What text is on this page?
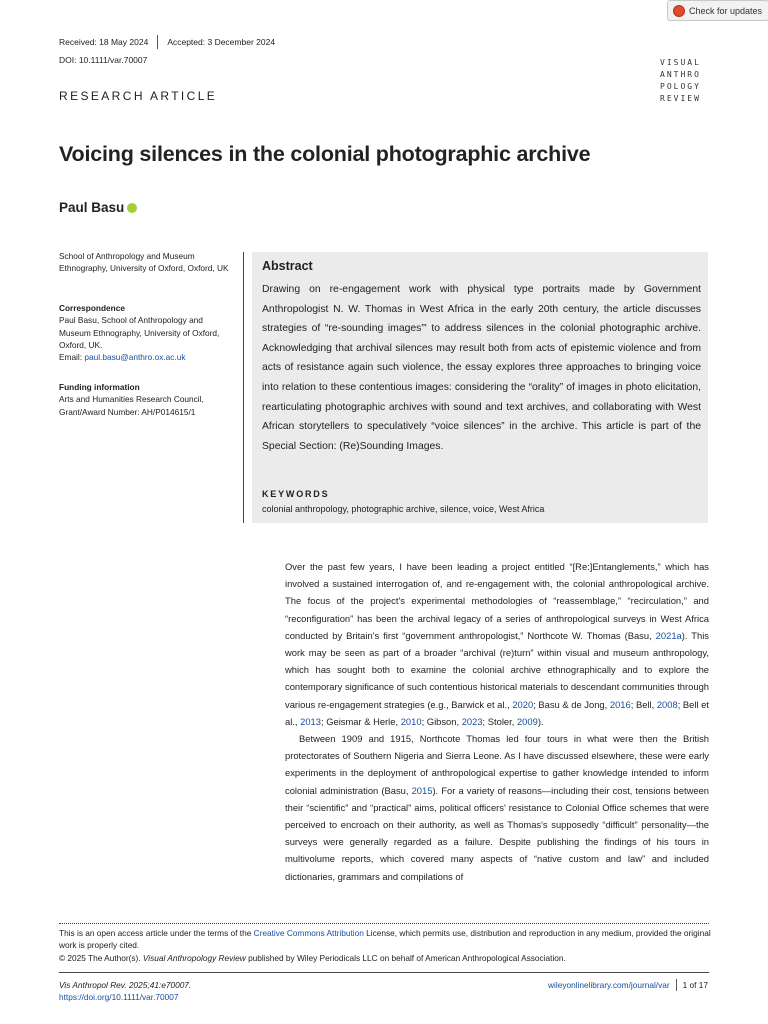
Check for updates
Received: 18 May 2024 Accepted: 3 December 2024
DOI: 10.1111/var.70007	VISUAL
ANTHRO
POLOGY
REVIEW
RESEARCH ARTICLE
Voicing silences in the colonial photographic archive
Paul Basu

School of Anthropology and Museum Ethnography, University of Oxford, Oxford, UK

Correspondence

Paul Basu, School of Anthropology and Museum Ethnography, University of Oxford, Oxford, UK.

Email: paul.basu@anthro.ox.ac.uk

Funding information

Arts and Humanities Research Council, Grant/Award Number: AH/P014615/1

Abstract
Drawing on re-engagement work with physical type portraits made by Government Anthropologist N. W. Thomas in West Africa in the early 20th century, the article discusses strategies of “re-sounding images”' to address silences in the colonial photographic archive. Acknowledging that archival silences may result both from acts of epistemic violence and from acts of resistance again such violence, the essay explores three approaches to bringing voice into relation to these contentious images: considering the “orality” of images in photo elicitation, rearticulating photographic archives with sound and text archives, and collaborating with West African storytellers to speculatively “voice silences” in the archive. This article is part of the Special Section: (Re)Sounding Images.
KEYWORDS
colonial anthropology, photographic archive, silence, voice, West Africa

Over the past few years, I have been leading a project entitled “[Re:]Entanglements,” which has involved a sustained interrogation of, and re-engagement with, the colonial anthropological archive. The focus of the project's experimental methodologies of “reassemblage,” “recirculation,” and “reconfiguration” has been the archival legacy of a series of anthropological surveys in West Africa conducted by Britain's first “government anthropologist,” Northcote W. Thomas (Basu, 2021a). This work may be seen as part of a broader “archival (re)turn” within visual and museum anthropology, which has sought both to examine the colonial archive ethnographically and to explore the contemporary significance of such contentious historical materials to descendant communities through various re-engagement strategies (e.g., Barwick et al., 2020; Basu & de Jong, 2016; Bell, 2008; Bell et al., 2013; Geismar & Herle, 2010; Gibson, 2023; Stoler, 2009).

Between 1909 and 1915, Northcote Thomas led four tours in what were then the British protectorates of Southern Nigeria and Sierra Leone. As I have discussed elsewhere, these were early experiments in the deployment of anthropological expertise to gather knowledge intended to inform colonial administration (Basu, 2015). For a variety of reasons—including their cost, tensions between their “scientific” and “practical” aims, political officers' resistance to Colonial Office schemes that were perceived to encroach on their authority, as well as Thomas's supposedly “difficult” personality—the surveys were generally regarded as a failure. Despite publishing the findings of his tours in multivolume reports, which covered many aspects of “native custom and law” and included dictionaries, grammars and compilations of

This is an open access article under the terms of the Creative Commons Attribution License, which permits use, distribution and reproduction in any medium, provided the original work is properly cited.

© 2025 The Author(s). Visual Anthropology Review published by Wiley Periodicals LLC on behalf of American Anthropological Association.

Vis Anthropol Rev. 2025;41:e70007.
https://doi.org/10.1111/var.70007
wileyonlinelibrary.com/journal/var 1 of 17
